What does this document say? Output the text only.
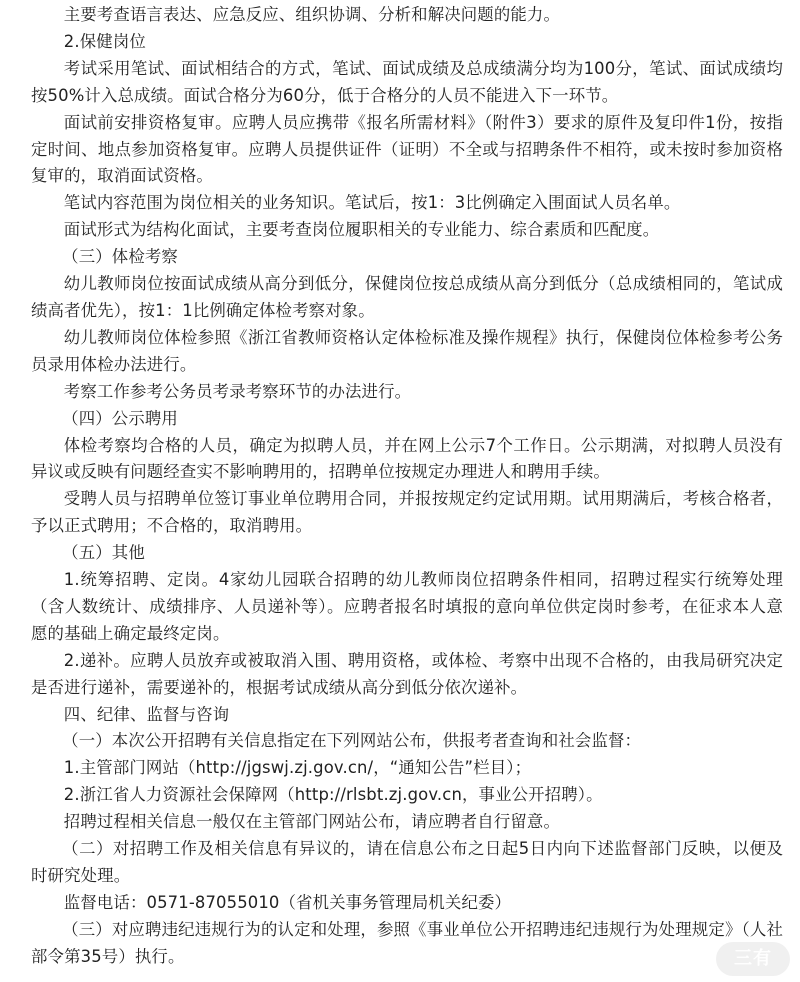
主要考查语言表达、应急反应、组织协调、分析和解决问题的能力。

2.保健岗位

考试采用笔试、面试相结合的方式，笔试、面试成绩及总成绩满分均为100分，笔试、面试成绩均按50%计入总成绩。面试合格分为60分，低于合格分的人员不能进入下一环节。

面试前安排资格复审。应聘人员应携带《报名所需材料》（附件3）要求的原件及复印件1份，按指定时间、地点参加资格复审。应聘人员提供证件（证明）不全或与招聘条件不相符，或未按时参加资格复审的，取消面试资格。

笔试内容范围为岗位相关的业务知识。笔试后，按1：3比例确定入围面试人员名单。

面试形式为结构化面试，主要考查岗位履职相关的专业能力、综合素质和匹配度。

（三）体检考察

幼儿教师岗位按面试成绩从高分到低分，保健岗位按总成绩从高分到低分（总成绩相同的，笔试成绩高者优先），按1：1比例确定体检考察对象。

幼儿教师岗位体检参照《浙江省教师资格认定体检标准及操作规程》执行，保健岗位体检参考公务员录用体检办法进行。

考察工作参考公务员考录考察环节的办法进行。

（四）公示聘用

体检考察均合格的人员，确定为拟聘人员，并在网上公示7个工作日。公示期满，对拟聘人员没有异议或反映有问题经查实不影响聘用的，招聘单位按规定办理进人和聘用手续。

受聘人员与招聘单位签订事业单位聘用合同，并报按规定约定试用期。试用期满后，考核合格者，予以正式聘用；不合格的，取消聘用。

（五）其他

1.统筹招聘、定岗。4家幼儿园联合招聘的幼儿教师岗位招聘条件相同，招聘过程实行统筹处理（含人数统计、成绩排序、人员递补等）。应聘者报名时填报的意向单位供定岗时参考，在征求本人意愿的基础上确定最终定岗。

2.递补。应聘人员放弃或被取消入围、聘用资格，或体检、考察中出现不合格的，由我局研究决定是否进行递补，需要递补的，根据考试成绩从高分到低分依次递补。

四、纪律、监督与咨询

（一）本次公开招聘有关信息指定在下列网站公布，供报考者查询和社会监督：

1.主管部门网站（http://jgswj.zj.gov.cn/，“通知公告”栏目）；

2.浙江省人力资源社会保障网（http://rlsbt.zj.gov.cn，事业公开招聘）。

招聘过程相关信息一般仅在主管部门网站公布，请应聘者自行留意。

（二）对招聘工作及相关信息有异议的，请在信息公布之日起5日内向下述监督部门反映，以便及时研究处理。

监督电话：0571-87055010（省机关事务管理局机关纪委）

（三）对应聘违纪违规行为的认定和处理，参照《事业单位公开招聘违纪违规行为处理规定》（人社部令第35号）执行。	三有
